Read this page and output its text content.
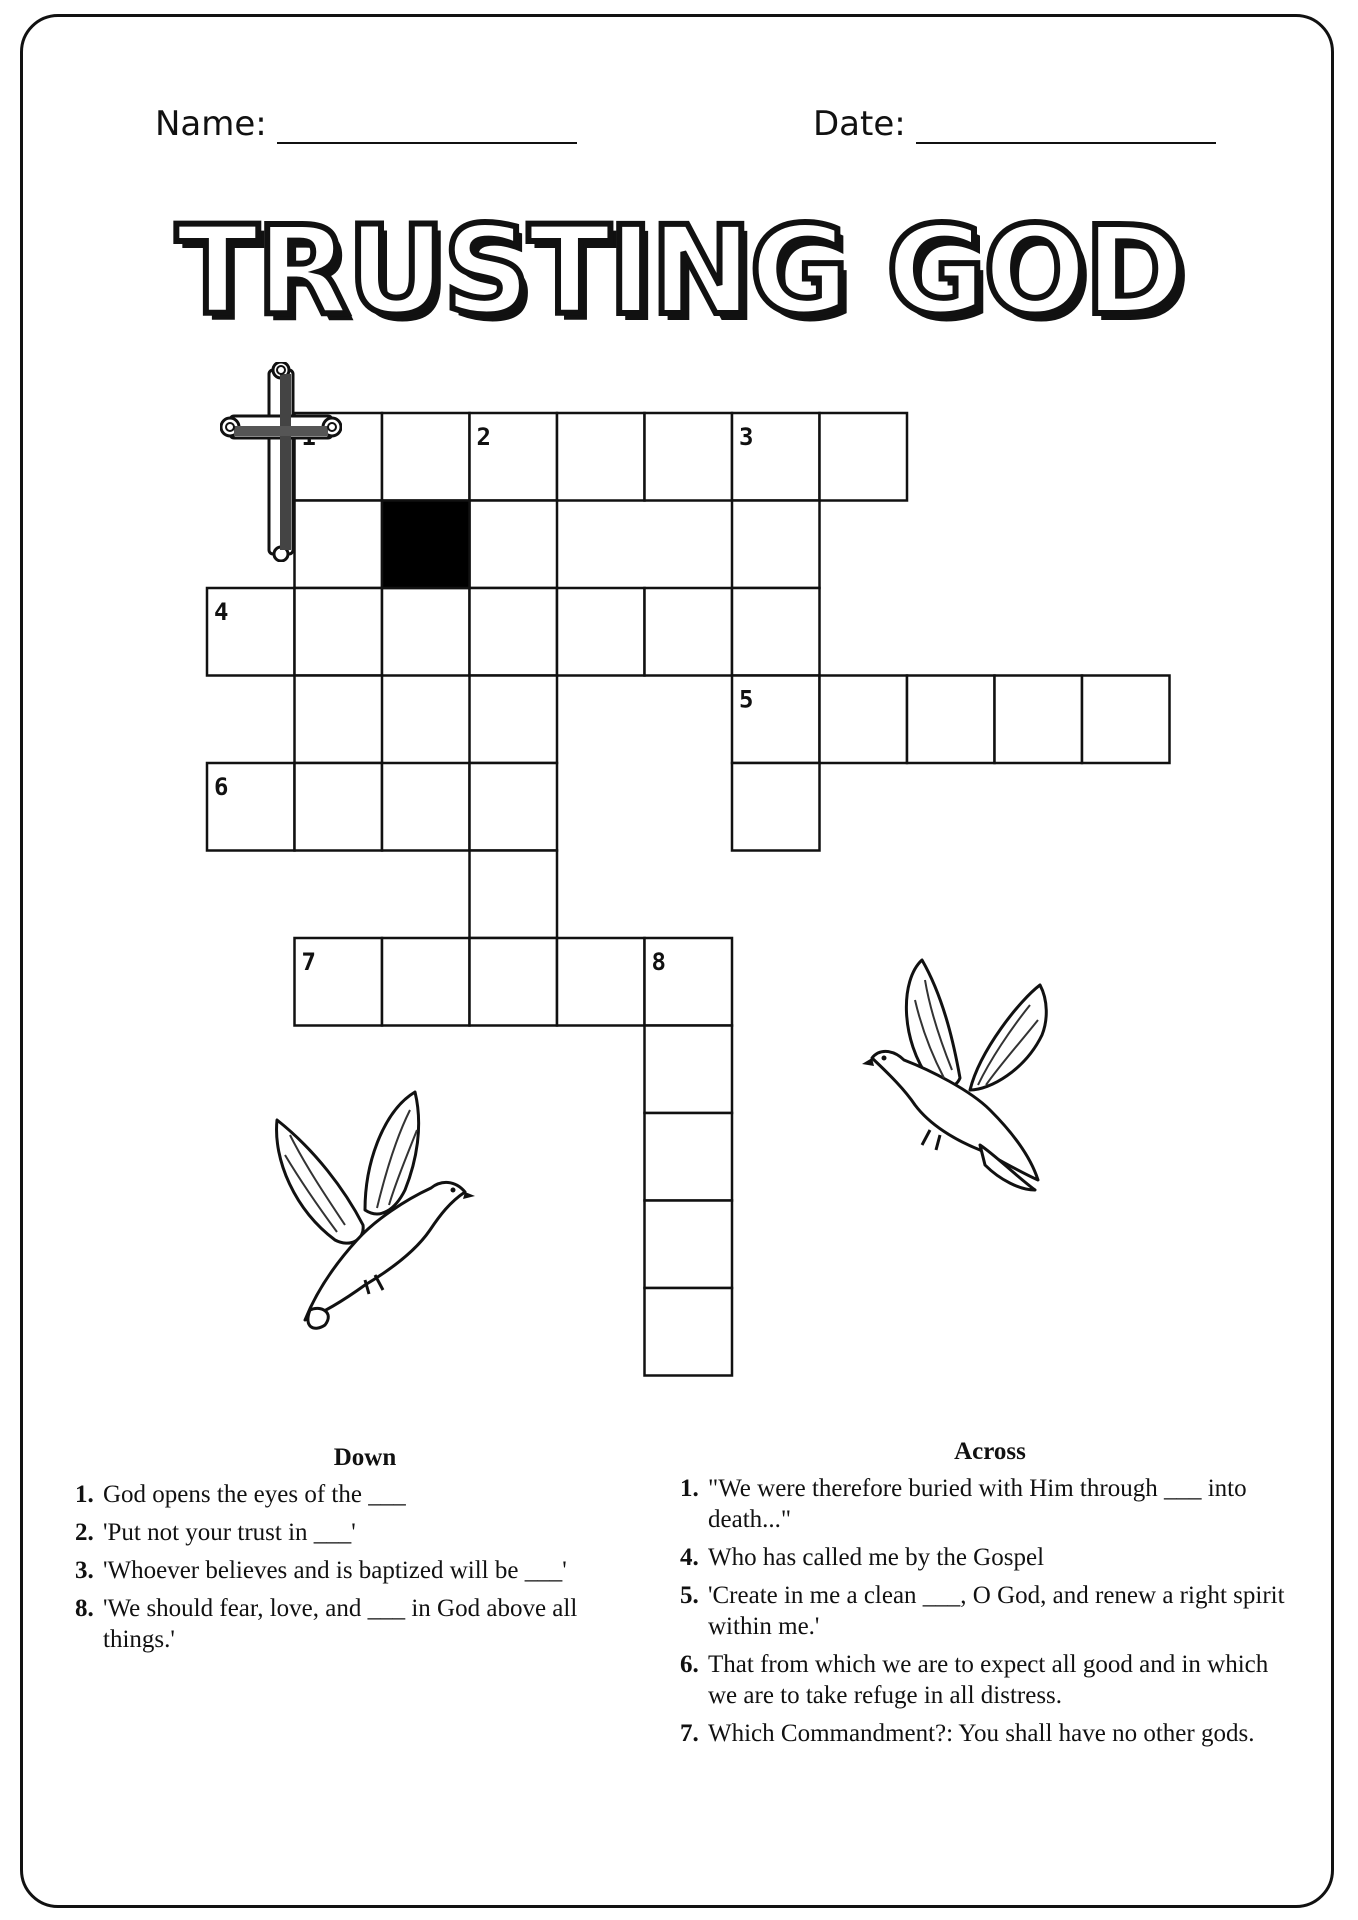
Name:	Date:
TRUSTING GOD
2	3
4
5
6
7	8
Down
1. God opens the eyes of the ___
2. 'Put not your trust in ___'
3. 'Whoever believes and is baptized will be ___'
8. 'We should fear, love, and ___ in God above all things.'
Across
1. "We were therefore buried with Him through ___ into death..."
4. Who has called me by the Gospel
5. 'Create in me a clean ___, O God, and renew a right spirit within me.'
6. That from which we are to expect all good and in which we are to take refuge in all distress.
7. Which Commandment?: You shall have no other gods.
